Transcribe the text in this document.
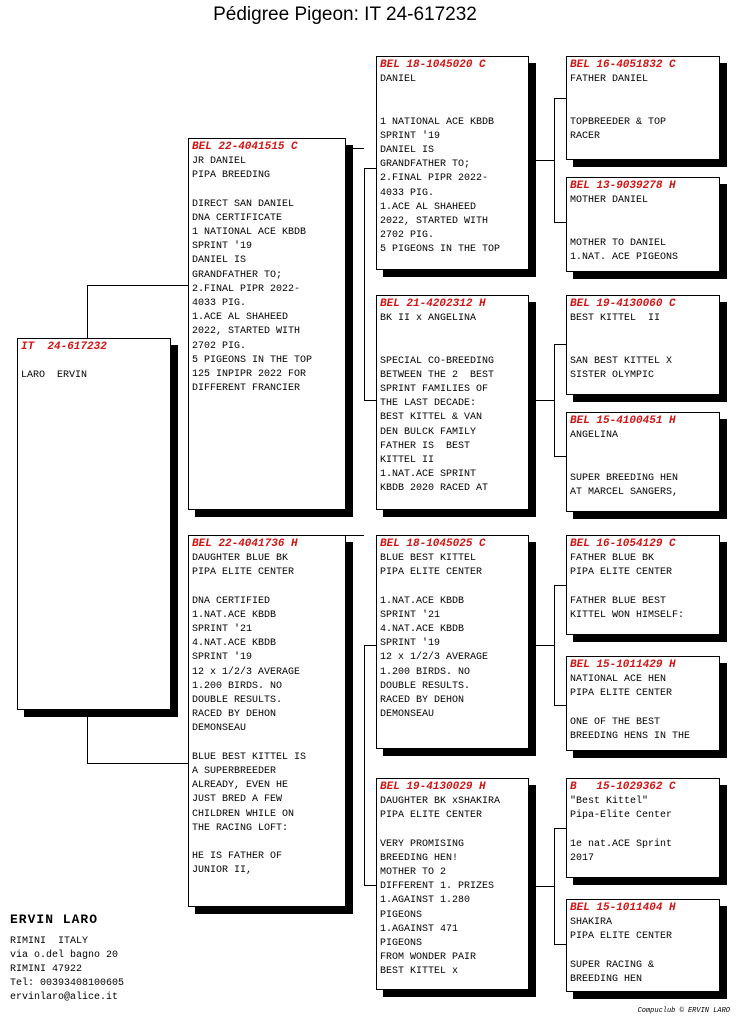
Pédigree Pigeon: IT 24-617232
IT  24-617232

LARO  ERVIN
BEL 22-4041515 C
JR DANIEL
PIPA BREEDING

DIRECT SAN DANIEL
DNA CERTIFICATE
1 NATIONAL ACE KBDB
SPRINT '19
DANIEL IS
GRANDFATHER TO;
2.FINAL PIPR 2022-
4033 PIG.
1.ACE AL SHAHEED
2022, STARTED WITH
2702 PIG.
5 PIGEONS IN THE TOP
125 INPIPR 2022 FOR
DIFFERENT FRANCIER
BEL 22-4041736 H
DAUGHTER BLUE BK
PIPA ELITE CENTER

DNA CERTIFIED
1.NAT.ACE KBDB
SPRINT '21
4.NAT.ACE KBDB
SPRINT '19
12 x 1/2/3 AVERAGE
1.200 BIRDS. NO
DOUBLE RESULTS.
RACED BY DEHON
DEMONSEAU

BLUE BEST KITTEL IS
A SUPERBREEDER
ALREADY, EVEN HE
JUST BRED A FEW
CHILDREN WHILE ON
THE RACING LOFT:

HE IS FATHER OF
JUNIOR II,
BEL 18-1045020 C
DANIEL

1 NATIONAL ACE KBDB
SPRINT '19
DANIEL IS
GRANDFATHER TO;
2.FINAL PIPR 2022-
4033 PIG.
1.ACE AL SHAHEED
2022, STARTED WITH
2702 PIG.
5 PIGEONS IN THE TOP
BEL 21-4202312 H
BK II x ANGELINA

SPECIAL CO-BREEDING
BETWEEN THE 2  BEST
SPRINT FAMILIES OF
THE LAST DECADE:
BEST KITTEL & VAN
DEN BULCK FAMILY
FATHER IS  BEST
KITTEL II
1.NAT.ACE SPRINT
KBDB 2020 RACED AT
BEL 18-1045025 C
BLUE BEST KITTEL
PIPA ELITE CENTER

1.NAT.ACE KBDB
SPRINT '21
4.NAT.ACE KBDB
SPRINT '19
12 x 1/2/3 AVERAGE
1.200 BIRDS. NO
DOUBLE RESULTS.
RACED BY DEHON
DEMONSEAU
BEL 19-4130029 H
DAUGHTER BK xSHAKIRA
PIPA ELITE CENTER

VERY PROMISING
BREEDING HEN!
MOTHER TO 2
DIFFERENT 1. PRIZES
1.AGAINST 1.280
PIGEONS
1.AGAINST 471
PIGEONS
FROM WONDER PAIR
BEST KITTEL x
BEL 16-4051832 C
FATHER DANIEL

TOPBREEDER & TOP
RACER
BEL 13-9039278 H
MOTHER DANIEL

MOTHER TO DANIEL
1.NAT. ACE PIGEONS
BEL 19-4130060 C
BEST KITTEL  II

SAN BEST KITTEL X
SISTER OLYMPIC
BEL 15-4100451 H
ANGELINA

SUPER BREEDING HEN
AT MARCEL SANGERS,
BEL 16-1054129 C
FATHER BLUE BK
PIPA ELITE CENTER

FATHER BLUE BEST
KITTEL WON HIMSELF:
BEL 15-1011429 H
NATIONAL ACE HEN
PIPA ELITE CENTER

ONE OF THE BEST
BREEDING HENS IN THE
B   15-1029362 C
"Best Kittel"
Pipa-Elite Center

1e nat.ACE Sprint
2017
BEL 15-1011404 H
SHAKIRA
PIPA ELITE CENTER

SUPER RACING &
BREEDING HEN
ERVIN LARO
RIMINI  ITALY
via o.del bagno 20
RIMINI 47922
Tel: 00393408100605
ervinlaro@alice.it
Compuclub © ERVIN LARO
